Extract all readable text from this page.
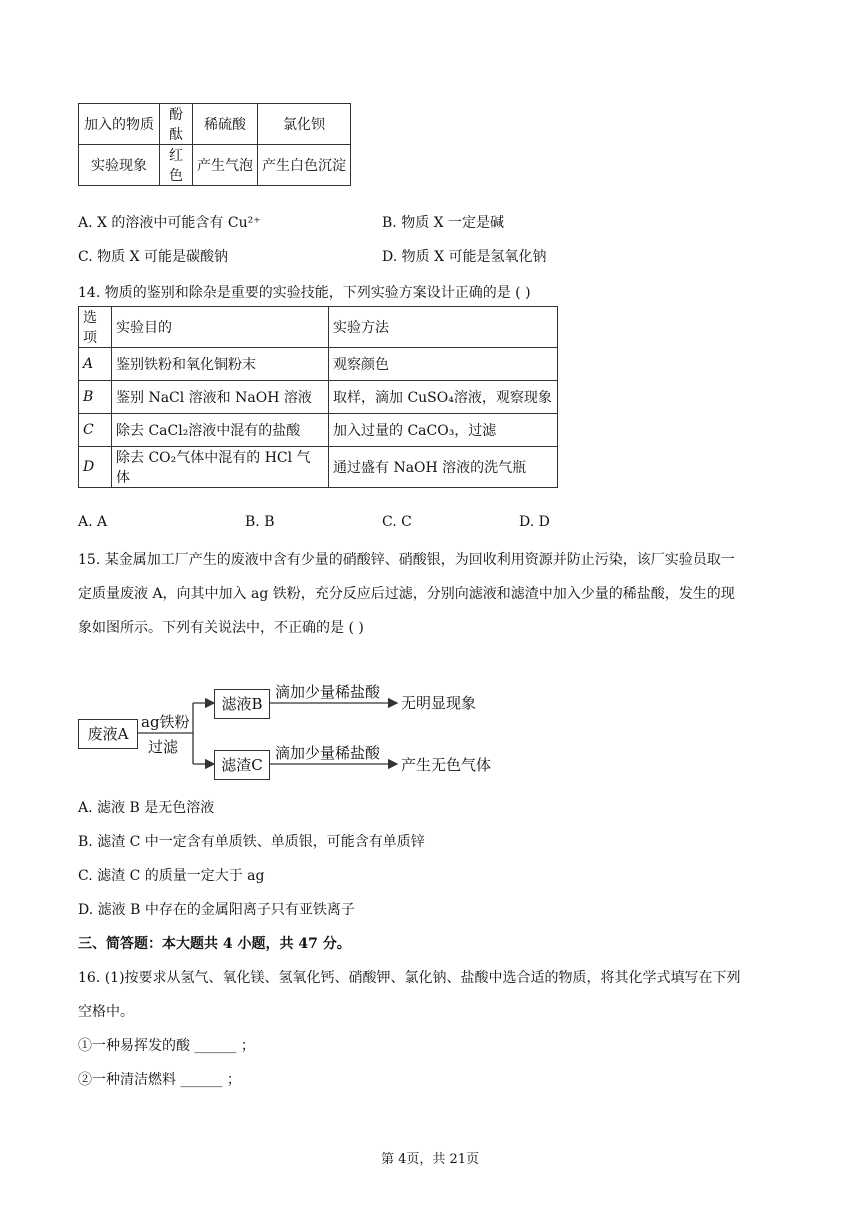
加入的物质	酚酞	稀硫酸	氯化钡
实验现象	红色	产生气泡	产生白色沉淀
A. X 的溶液中可能含有 Cu²⁺	B. 物质 X 一定是碱
C. 物质 X 可能是碳酸钠	D. 物质 X 可能是氢氧化钠
14. 物质的鉴别和除杂是重要的实验技能，下列实验方案设计正确的是 ( )
选项	实验目的	实验方法
A	鉴别铁粉和氧化铜粉末	观察颜色
B	鉴别 NaCl 溶液和 NaOH 溶液	取样，滴加 CuSO₄溶液，观察现象
C	除去 CaCl₂溶液中混有的盐酸	加入过量的 CaCO₃，过滤
D	除去 CO₂气体中混有的 HCl 气体	通过盛有 NaOH 溶液的洗气瓶
A. A	B. B	C. C	D. D
15. 某金属加工厂产生的废液中含有少量的硝酸锌、硝酸银，为回收利用资源并防止污染，该厂实验员取一
定质量废液 A，向其中加入 ag 铁粉，充分反应后过滤，分别向滤液和滤渣中加入少量的稀盐酸，发生的现
象如图所示。下列有关说法中，不正确的是 ( )
废液A
ag铁粉
过滤
滤液B
滤渣C
滴加少量稀盐酸
滴加少量稀盐酸
无明显现象
产生无色气体
A. 滤液 B 是无色溶液
B. 滤渣 C 中一定含有单质铁、单质银，可能含有单质锌
C. 滤渣 C 的质量一定大于 ag
D. 滤液 B 中存在的金属阳离子只有亚铁离子
三、简答题：本大题共 4 小题，共 47 分。
16. (1)按要求从氢气、氧化镁、氢氧化钙、硝酸钾、氯化钠、盐酸中选合适的物质，将其化学式填写在下列
空格中。
①一种易挥发的酸 ______ ；
②一种清洁燃料 ______ ；
第 4页，共 21页
